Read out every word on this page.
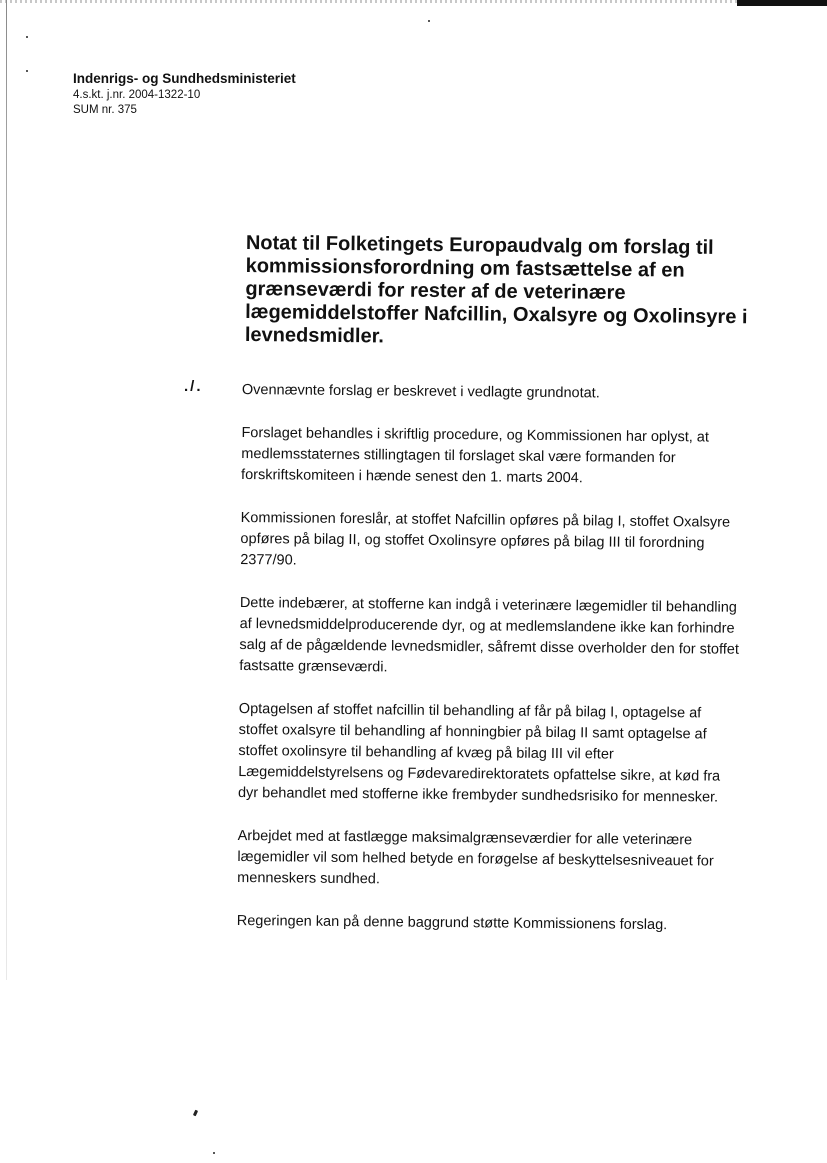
Indenrigs- og Sundhedsministeriet
4.s.kt. j.nr. 2004-1322-10
SUM nr. 375
Notat til Folketingets Europaudvalg om forslag til kommissionsforordning om fastsættelse af en grænseværdi for rester af de veterinære lægemiddelstoffer Nafcillin, Oxalsyre og Oxolinsyre i levnedsmidler.
./.	Ovennævnte forslag er beskrevet i vedlagte grundnotat.

Forslaget behandles i skriftlig procedure, og Kommissionen har oplyst, at medlemsstaternes stillingtagen til forslaget skal være formanden for forskriftskomiteen i hænde senest den 1. marts 2004.

Kommissionen foreslår, at stoffet Nafcillin opføres på bilag I, stoffet Oxalsyre opføres på bilag II, og stoffet Oxolinsyre opføres på bilag III til forordning 2377/90.

Dette indebærer, at stofferne kan indgå i veterinære lægemidler til behandling af levnedsmiddelproducerende dyr, og at medlemslandene ikke kan forhindre salg af de pågældende levnedsmidler, såfremt disse overholder den for stoffet fastsatte grænseværdi.

Optagelsen af stoffet nafcillin til behandling af får på bilag I, optagelse af stoffet oxalsyre til behandling af honningbier på bilag II samt optagelse af stoffet oxolinsyre til behandling af kvæg på bilag III vil efter Lægemiddelstyrelsens og Fødevaredirektoratets opfattelse sikre, at kød fra dyr behandlet med stofferne ikke frembyder sundhedsrisiko for mennesker.

Arbejdet med at fastlægge maksimalgrænseværdier for alle veterinære lægemidler vil som helhed betyde en forøgelse af beskyttelsesniveauet for menneskers sundhed.

Regeringen kan på denne baggrund støtte Kommissionens forslag.
